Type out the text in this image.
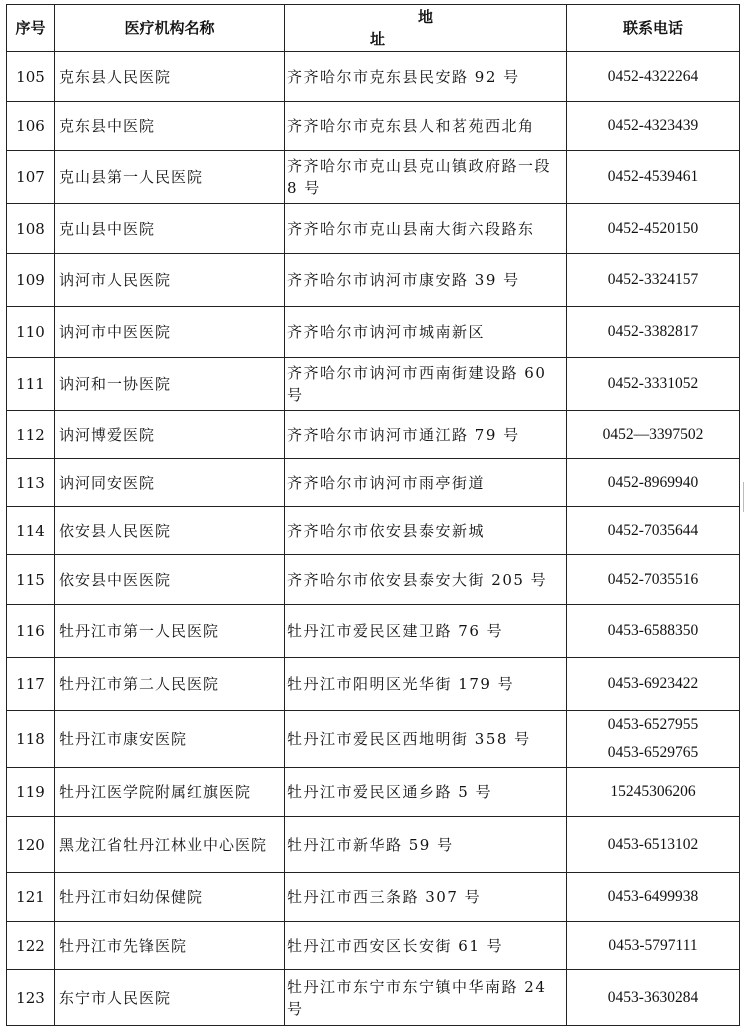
序号	医疗机构名称	地 址	联系电话
105	克东县人民医院	齐齐哈尔市克东县民安路 92 号	0452-4322264

106	克东县中医院	齐齐哈尔市克东县人和茗苑西北角	0452-4323439

107	克山县第一人民医院	齐齐哈尔市克山县克山镇政府路一段 8 号	0452-4539461

108	克山县中医院	齐齐哈尔市克山县南大街六段路东	0452-4520150

109	讷河市人民医院	齐齐哈尔市讷河市康安路 39 号	0452-3324157

110	讷河市中医医院	齐齐哈尔市讷河市城南新区	0452-3382817

111	讷河和一协医院	齐齐哈尔市讷河市西南街建设路 60 号	0452-3331052

112	讷河博爱医院	齐齐哈尔市讷河市通江路 79 号	0452—3397502

113	讷河同安医院	齐齐哈尔市讷河市雨亭街道	0452-8969940

114	依安县人民医院	齐齐哈尔市依安县泰安新城	0452-7035644

115	依安县中医医院	齐齐哈尔市依安县泰安大街 205 号	0452-7035516

116	牡丹江市第一人民医院	牡丹江市爱民区建卫路 76 号	0453-6588350

117	牡丹江市第二人民医院	牡丹江市阳明区光华街 179 号	0453-6923422

118	牡丹江市康安医院	牡丹江市爱民区西地明街 358 号	0453-6527955
0453-6529765

119	牡丹江医学院附属红旗医院	牡丹江市爱民区通乡路 5 号	15245306206

120	黑龙江省牡丹江林业中心医院	牡丹江市新华路 59 号	0453-6513102

121	牡丹江市妇幼保健院	牡丹江市西三条路 307 号	0453-6499938

122	牡丹江市先锋医院	牡丹江市西安区长安街 61 号	0453-5797111

123	东宁市人民医院	牡丹江市东宁市东宁镇中华南路 24 号	0453-3630284
